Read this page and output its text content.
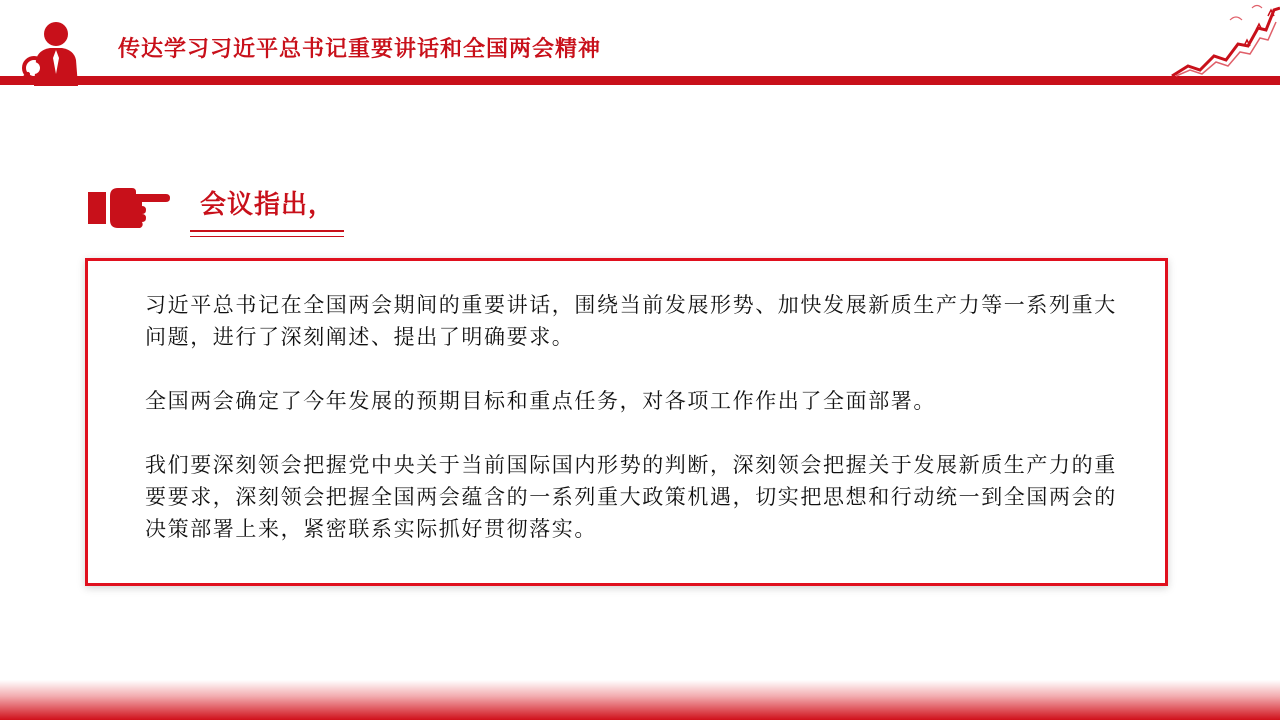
传达学习习近平总书记重要讲话和全国两会精神
会议指出，
习近平总书记在全国两会期间的重要讲话，围绕当前发展形势、加快发展新质生产力等一系列重大问题，进行了深刻阐述、提出了明确要求。
全国两会确定了今年发展的预期目标和重点任务，对各项工作作出了全面部署。
我们要深刻领会把握党中央关于当前国际国内形势的判断，深刻领会把握关于发展新质生产力的重要要求，深刻领会把握全国两会蕴含的一系列重大政策机遇，切实把思想和行动统一到全国两会的决策部署上来，紧密联系实际抓好贯彻落实。
